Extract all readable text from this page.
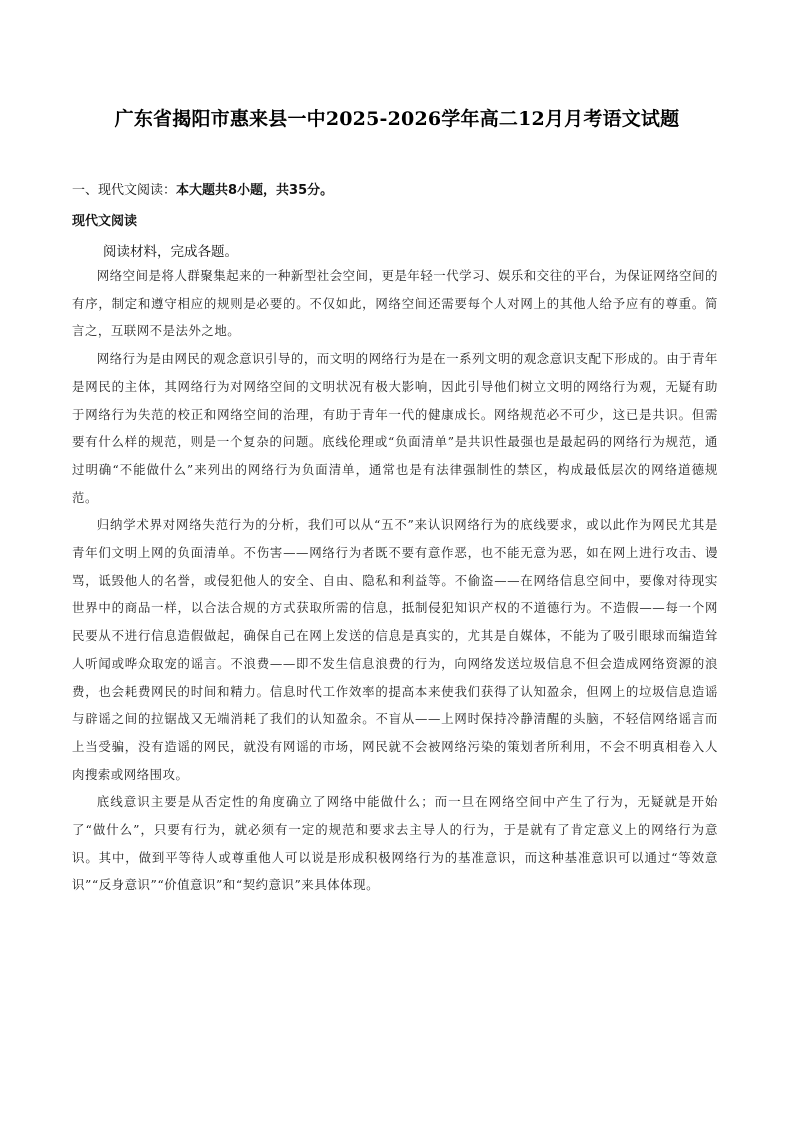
广东省揭阳市惠来县一中2025-2026学年高二12月月考语文试题
一、现代文阅读：本大题共8小题，共35分。
现代文阅读
阅读材料，完成各题。

网络空间是将人群聚集起来的一种新型社会空间，更是年轻一代学习、娱乐和交往的平台，为保证网络空间的有序，制定和遵守相应的规则是必要的。不仅如此，网络空间还需要每个人对网上的其他人给予应有的尊重。简言之，互联网不是法外之地。

网络行为是由网民的观念意识引导的，而文明的网络行为是在一系列文明的观念意识支配下形成的。由于青年是网民的主体，其网络行为对网络空间的文明状况有极大影响，因此引导他们树立文明的网络行为观，无疑有助于网络行为失范的校正和网络空间的治理，有助于青年一代的健康成长。网络规范必不可少，这已是共识。但需要有什么样的规范，则是一个复杂的问题。底线伦理或“负面清单”是共识性最强也是最起码的网络行为规范，通过明确“不能做什么”来列出的网络行为负面清单，通常也是有法律强制性的禁区，构成最低层次的网络道德规范。

归纳学术界对网络失范行为的分析，我们可以从“五不”来认识网络行为的底线要求，或以此作为网民尤其是青年们文明上网的负面清单。不伤害——网络行为者既不要有意作恶，也不能无意为恶，如在网上进行攻击、谩骂，诋毁他人的名誉，或侵犯他人的安全、自由、隐私和利益等。不偷盗——在网络信息空间中，要像对待现实世界中的商品一样，以合法合规的方式获取所需的信息，抵制侵犯知识产权的不道德行为。不造假——每一个网民要从不进行信息造假做起，确保自己在网上发送的信息是真实的，尤其是自媒体，不能为了吸引眼球而编造耸人听闻或哗众取宠的谣言。不浪费——即不发生信息浪费的行为，向网络发送垃圾信息不但会造成网络资源的浪费，也会耗费网民的时间和精力。信息时代工作效率的提高本来使我们获得了认知盈余，但网上的垃圾信息造谣与辟谣之间的拉锯战又无端消耗了我们的认知盈余。不盲从——上网时保持冷静清醒的头脑，不轻信网络谣言而上当受骗，没有造谣的网民，就没有网谣的市场，网民就不会被网络污染的策划者所利用，不会不明真相卷入人肉搜索或网络围攻。

底线意识主要是从否定性的角度确立了网络中能做什么；而一旦在网络空间中产生了行为，无疑就是开始了“做什么”，只要有行为，就必须有一定的规范和要求去主导人的行为，于是就有了肯定意义上的网络行为意识。其中，做到平等待人或尊重他人可以说是形成积极网络行为的基准意识，而这种基准意识可以通过“等效意识”“反身意识”“价值意识”和“契约意识”来具体体现。
